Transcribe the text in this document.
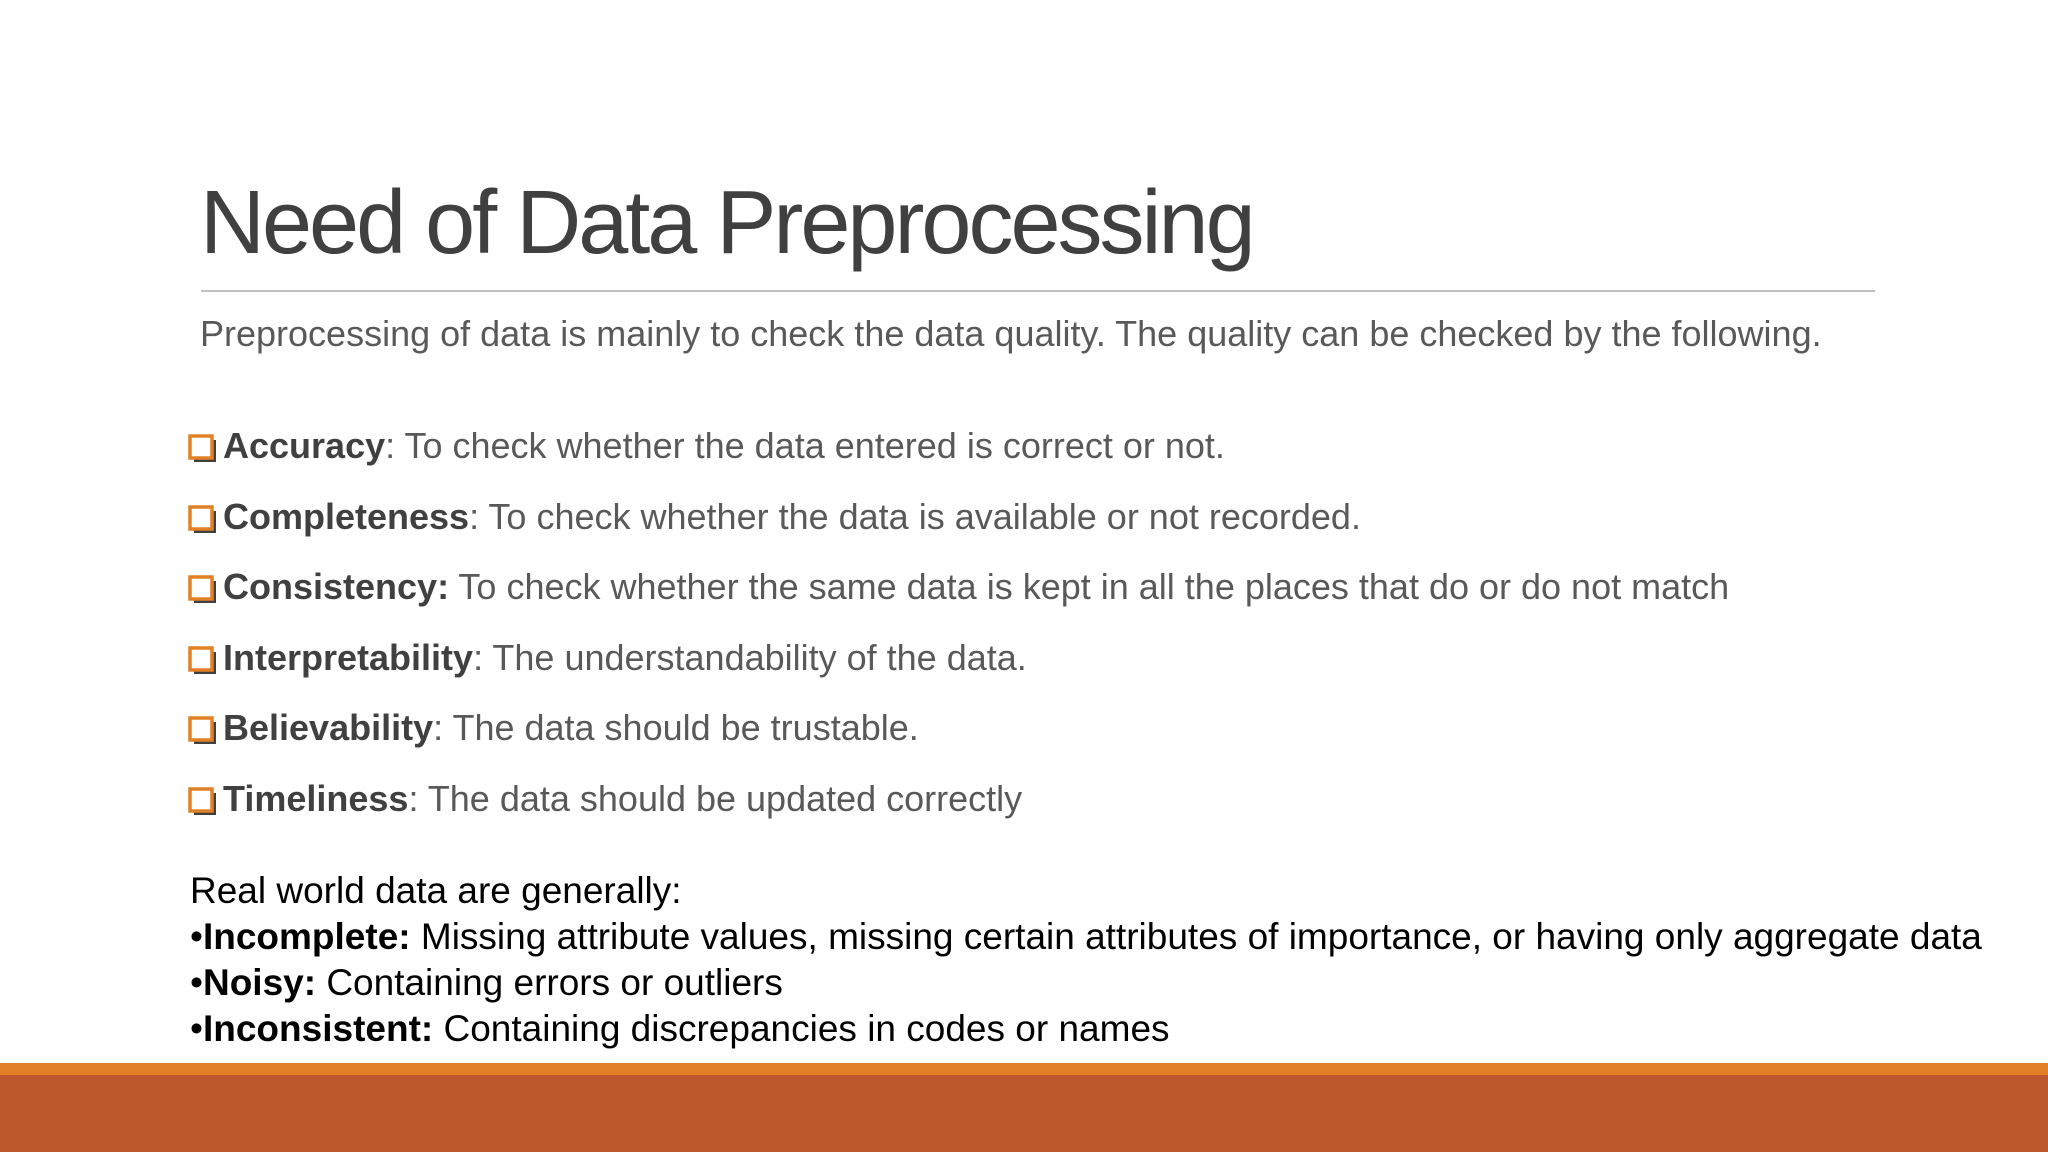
Need of Data Preprocessing

Preprocessing of data is mainly to check the data quality. The quality can be checked by the following.

Accuracy: To check whether the data entered is correct or not.
Completeness: To check whether the data is available or not recorded.
Consistency: To check whether the same data is kept in all the places that do or do not match
Interpretability: The understandability of the data.
Believability: The data should be trustable.
Timeliness: The data should be updated correctly
Real world data are generally:
•Incomplete: Missing attribute values, missing certain attributes of importance, or having only aggregate data
•Noisy: Containing errors or outliers
•Inconsistent: Containing discrepancies in codes or names
